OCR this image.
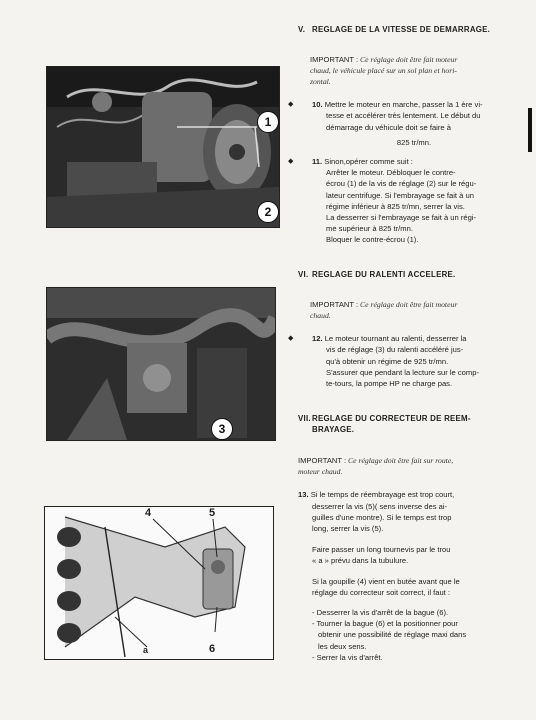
1
2
3
4	5
6
a

V. REGLAGE DE LA VITESSE DE DEMARRAGE.

IMPORTANT : Ce réglage doit être fait moteur
chaud, le véhicule placé sur un sol plan et hori-
zontal.
◆ 10. Mettre le moteur en marche, passer la 1 ère vi-
tesse et accélérer très lentement. Le début du
démarrage du véhicule doit se faire à
825 tr/mn.
◆ 11. Sinon,opérer comme suit :
Arrêter le moteur. Débloquer le contre-
écrou (1) de la vis de réglage (2) sur le régu-
lateur centrifuge. Si l'embrayage se fait à un
régime inférieur à 825 tr/mn, serrer la vis.
La desserrer si l'embrayage se fait à un régi-
me supérieur à 825 tr/mn.
Bloquer le contre-écrou (1).

VI. REGLAGE DU RALENTI ACCELERE.

IMPORTANT : Ce réglage doit être fait moteur
chaud.
◆ 12. Le moteur tournant au ralenti, desserrer la
vis de réglage (3) du ralenti accéléré jus-
qu'à obtenir un régime de 925 tr/mn.
S'assurer que pendant la lecture sur le comp-
te-tours, la pompe HP ne charge pas.

VII.REGLAGE DU CORRECTEUR DE REEM-

BRAYAGE.

IMPORTANT : Ce réglage doit être fait sur route,
moteur chaud.
13. Si le temps de réembrayage est trop court,
desserrer la vis (5)( sens inverse des ai-
guilles d'une montre). Si le temps est trop
long, serrer la vis (5).
Faire passer un long tournevis par le trou
« a » prévu dans la tubulure.
Si la goupille (4) vient en butée avant que le
réglage du correcteur soit correct, il faut :
- Desserrer la vis d'arrêt de la bague (6).
- Tourner la bague (6) et la positionner pour
obtenir une possibilité de réglage maxi dans
les deux sens.
- Serrer la vis d'arrêt.
